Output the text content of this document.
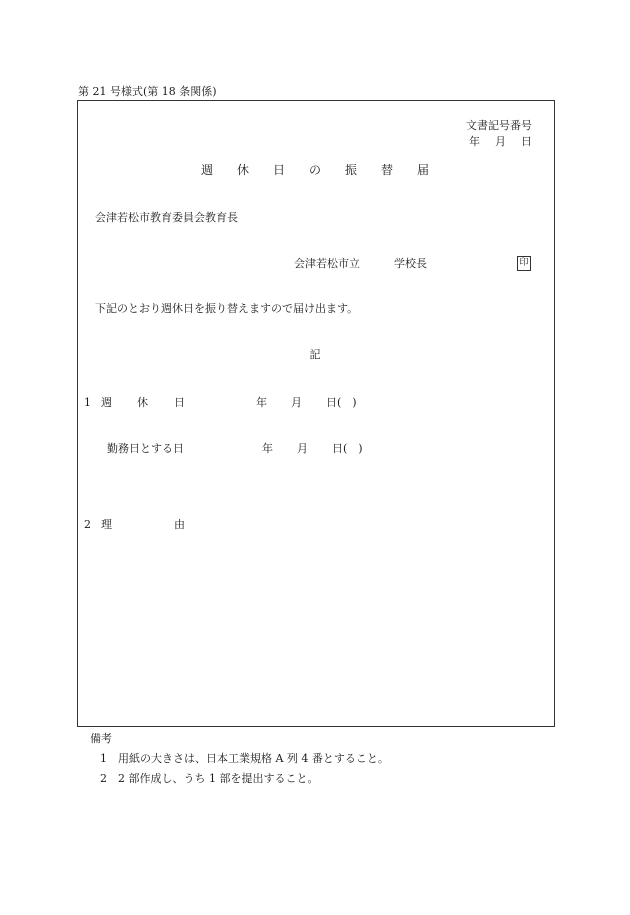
第 21 号様式(第 18 条関係)
文書記号番号
年 月 日
週 休 日 の 振 替 届
会津若松市教育委員会教育長
会津若松市立	学校長	印
下記のとおり週休日を振り替えますので届け出ます。
記
1 週 休 日	年 月 日(　)
勤務日とする日	年 月 日(　)
2 理	由
備考
1 用紙の大きさは、日本工業規格 A 列 4 番とすること。
2 2 部作成し、うち 1 部を提出すること。
